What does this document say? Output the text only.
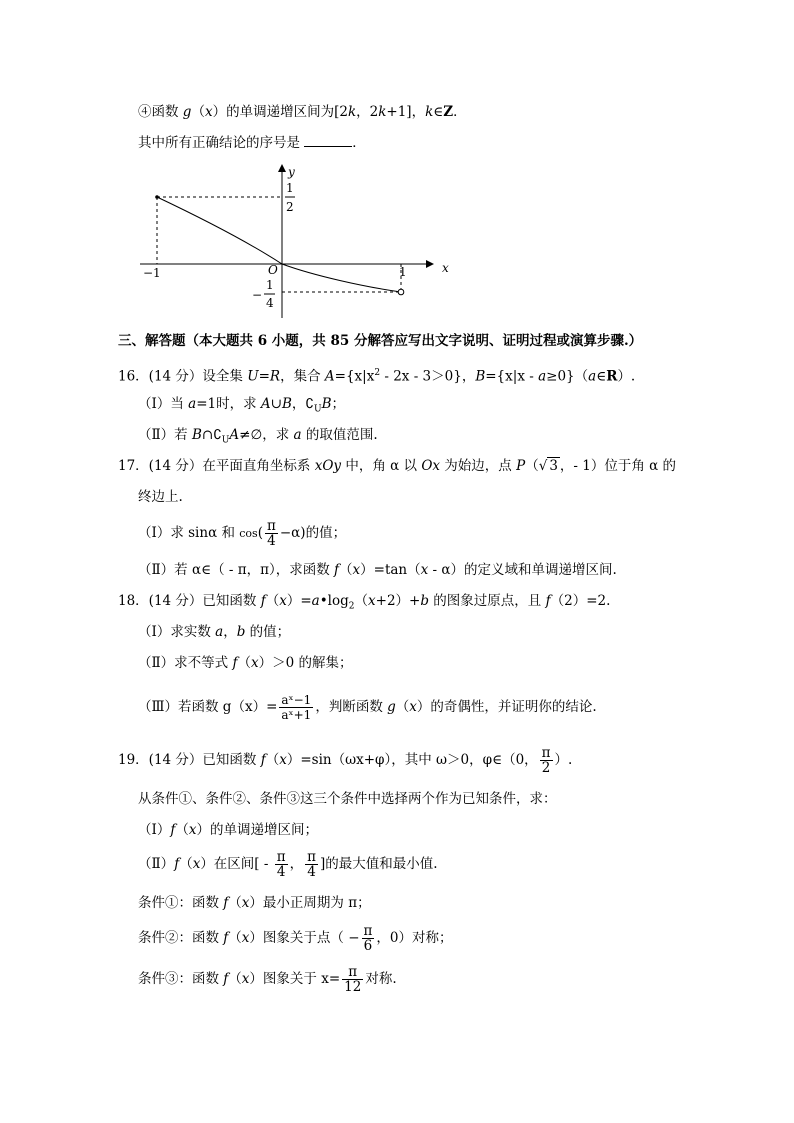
④函数 g（x）的单调递增区间为[2k，2k+1]，k∈Z．
其中所有正确结论的序号是	．
y
x
O
1
2
−
1
4
−1	1
三、解答题（本大题共 6 小题，共 85 分解答应写出文字说明、证明过程或演算步骤.）
16．(14 分）设全集 U=R，集合 $A=\{x|x^2 - 2x - 3>0\}$，B={x|x - a≥0}（a∈R）.
（Ⅰ）当 a=1时，求 A∪B，$∁_UB$；
（Ⅱ）若 $B\cap∁_UA\ne\emptyset$，求 a 的取值范围.
17．(14 分）在平面直角坐标系 xOy 中，角 α 以 Ox 为始边，点 P（√ 3 ，- 1）位于角 α 的
终边上.
（Ⅰ）求 sinα 和 $\cos( \frac{\pi}{4} -\alpha)$的值；
（Ⅱ）若 α∈（ - π，π），求函数 f（x）=tan（x - α）的定义域和单调递增区间.
18．(14 分）已知函数 $f(x)=a•\log_2(x+2)+b$ 的图象过原点，且 f（2）=2.
（Ⅰ）求实数 a，b 的值；
（Ⅱ）求不等式 f（x）＞0 的解集；
（Ⅲ）若函数 $g(x)= \frac{\text{aˣ−1}}{\text{aˣ+1}}$ ，判断函数 g（x）的奇偶性，并证明你的结论.
19．(14 分）已知函数 f（x）=sin（ωx+φ），其中 ω＞0，φ∈（0， $\frac{\pi}{2}$ ）.
从条件①、条件②、条件③这三个条件中选择两个作为已知条件，求：
（Ⅰ）f（x）的单调递增区间；
（Ⅱ）f（x）在区间[ - $\frac{\pi}{4}$ ， $\frac{\pi}{4}$ ]的最大值和最小值.
条件①：函数 f（x）最小正周期为 π；
条件②：函数 f（x）图象关于点（ − $\frac{\pi}{6}$ ，0）对称；
条件③：函数 f（x）图象关于 $x= \frac{\pi}{12}$ 对称.
